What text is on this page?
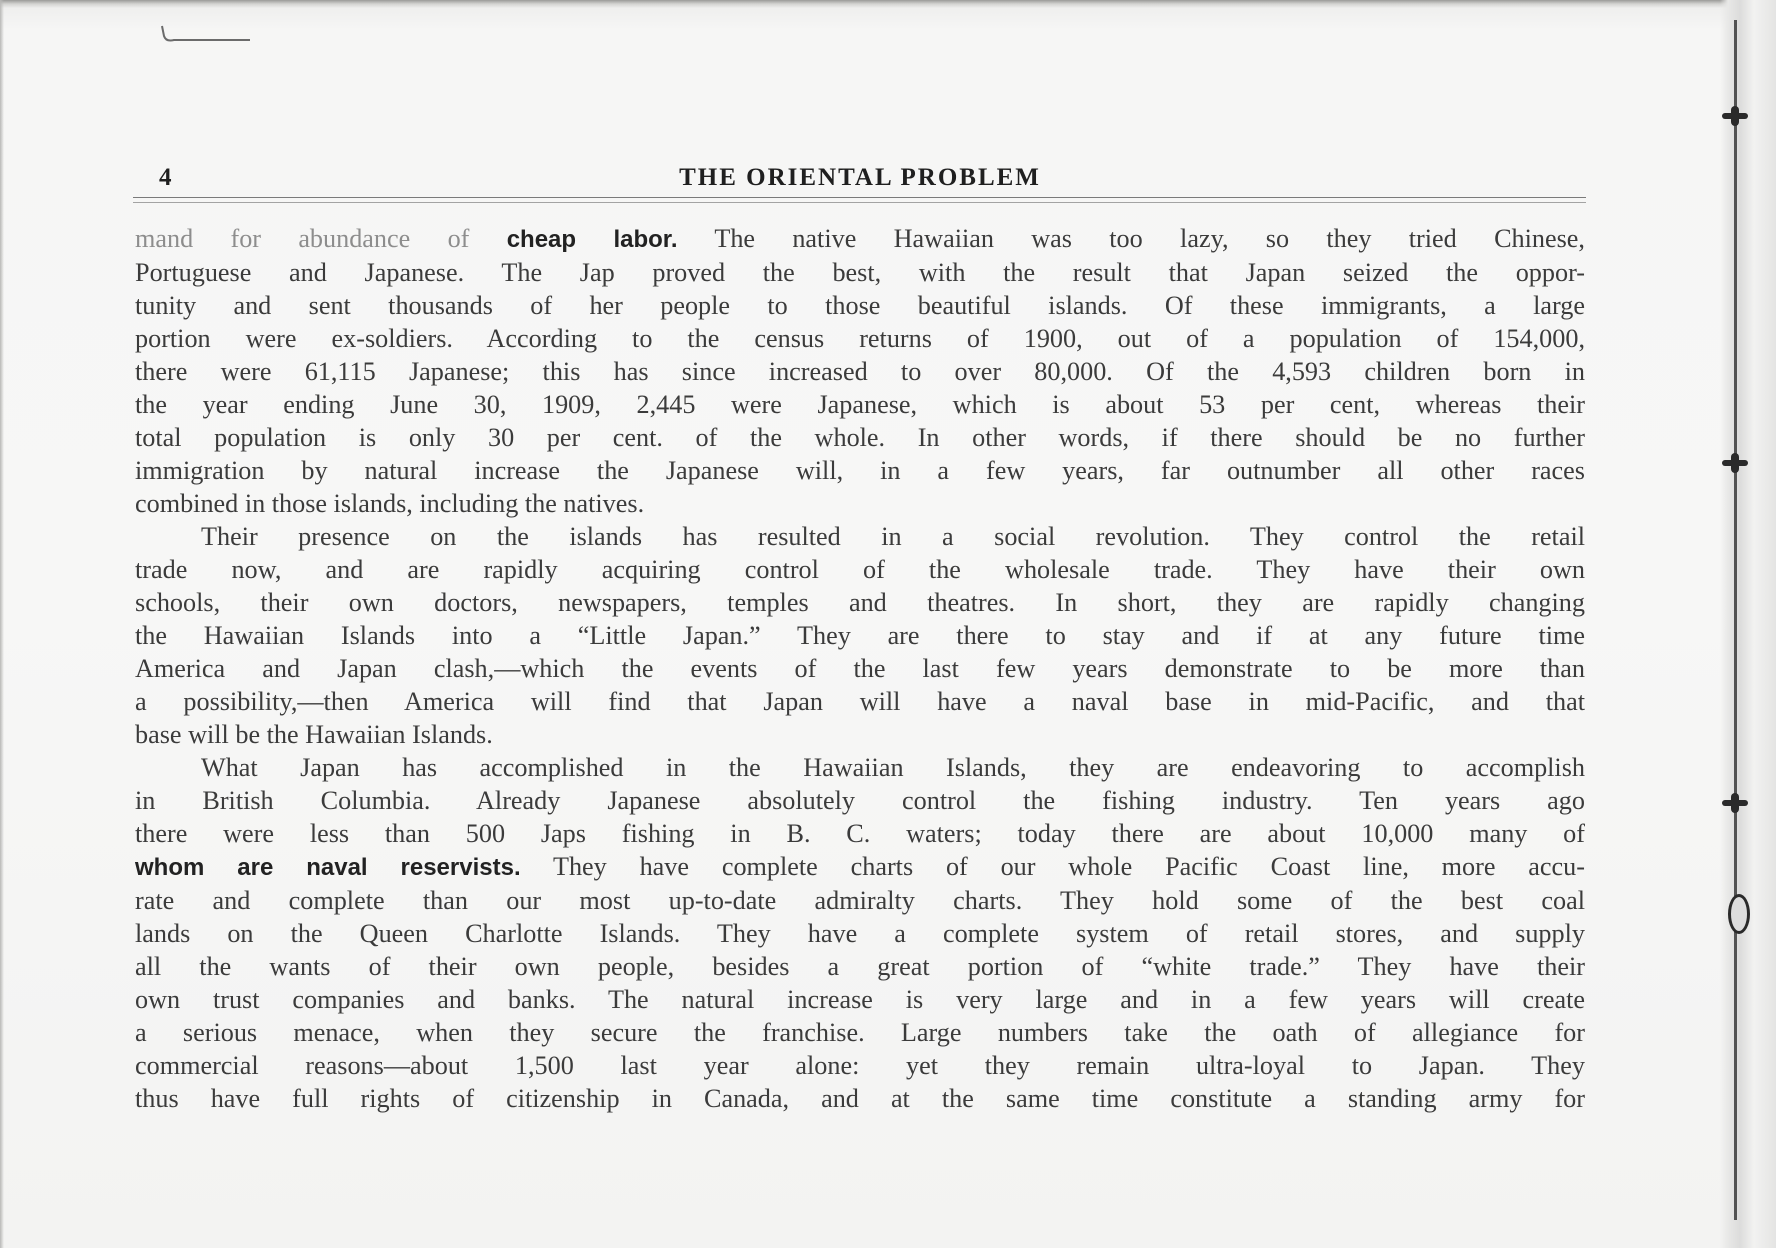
4	THE ORIENTAL PROBLEM
mand for abundance of cheap labor. The native Hawaiian was too lazy, so they tried Chinese,
Portuguese and Japanese. The Jap proved the best, with the result that Japan seized the oppor-
tunity and sent thousands of her people to those beautiful islands. Of these immigrants, a large
portion were ex-soldiers. According to the census returns of 1900, out of a population of 154,000,
there were 61,115 Japanese; this has since increased to over 80,000. Of the 4,593 children born in
the year ending June 30, 1909, 2,445 were Japanese, which is about 53 per cent, whereas their
total population is only 30 per cent. of the whole. In other words, if there should be no further
immigration by natural increase the Japanese will, in a few years, far outnumber all other races
combined in those islands, including the natives.
Their presence on the islands has resulted in a social revolution. They control the retail
trade now, and are rapidly acquiring control of the wholesale trade. They have their own
schools, their own doctors, newspapers, temples and theatres. In short, they are rapidly changing
the Hawaiian Islands into a “Little Japan.” They are there to stay and if at any future time
America and Japan clash,—which the events of the last few years demonstrate to be more than
a possibility,—then America will find that Japan will have a naval base in mid-Pacific, and that
base will be the Hawaiian Islands.
What Japan has accomplished in the Hawaiian Islands, they are endeavoring to accomplish
in British Columbia. Already Japanese absolutely control the fishing industry. Ten years ago
there were less than 500 Japs fishing in B. C. waters; today there are about 10,000 many of
whom are naval reservists. They have complete charts of our whole Pacific Coast line, more accu-
rate and complete than our most up-to-date admiralty charts. They hold some of the best coal
lands on the Queen Charlotte Islands. They have a complete system of retail stores, and supply
all the wants of their own people, besides a great portion of “white trade.” They have their
own trust companies and banks. The natural increase is very large and in a few years will create
a serious menace, when they secure the franchise. Large numbers take the oath of allegiance for
commercial reasons—about 1,500 last year alone: yet they remain ultra-loyal to Japan. They
thus have full rights of citizenship in Canada, and at the same time constitute a standing army for
